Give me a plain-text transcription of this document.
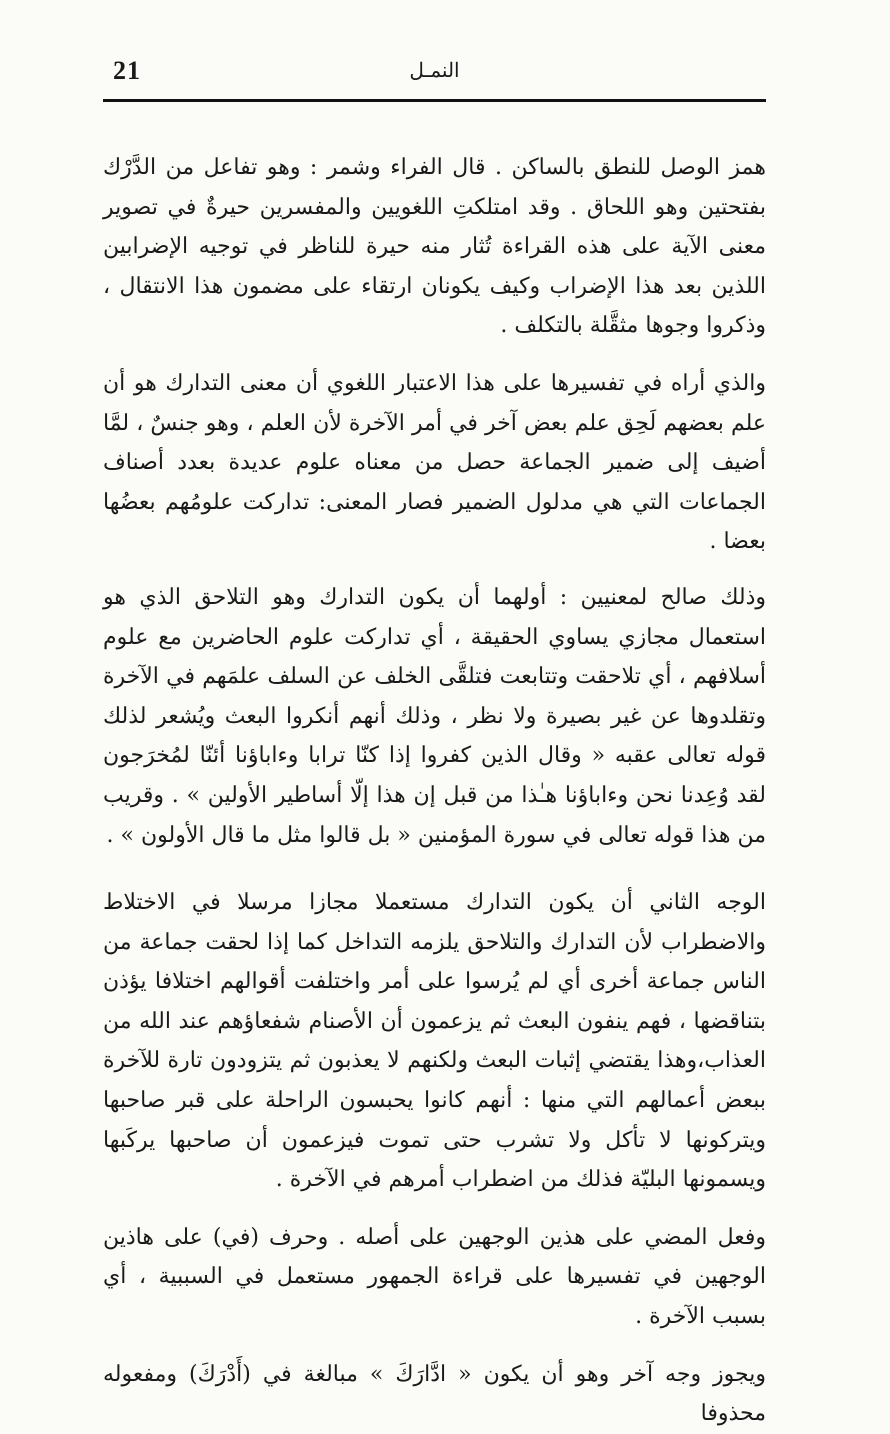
21	النمـل

همز الوصل للنطق بالساكن . قال الفراء وشمر : وهو تفاعل من الدَّرْك بفتحتين وهو اللحاق . وقد امتلكتِ اللغويين والمفسرين حيرةٌ في تصوير معنى الآية على هذه القراءة تُثار منه حيرة للناظر في توجيه الإضرابين اللذين بعد هذا الإضراب وكيف يكونان ارتقاء على مضمون هذا الانتقال ، وذكروا وجوها مثقَّلة بالتكلف .

والذي أراه في تفسيرها على هذا الاعتبار اللغوي أن معنى التدارك هو أن علم بعضهم لَحِق علم بعض آخر في أمر الآخرة لأن العلم ، وهو جنسٌ ، لمَّا أضيف إلى ضمير الجماعة حصل من معناه علوم عديدة بعدد أصناف الجماعات التي هي مدلول الضمير فصار المعنى: تداركت علومُهم بعضُها بعضا .

وذلك صالح لمعنيين : أولهما أن يكون التدارك وهو التلاحق الذي هو استعمال مجازي يساوي الحقيقة ، أي تداركت علوم الحاضرين مع علوم أسلافهم ، أي تلاحقت وتتابعت فتلقَّى الخلف عن السلف علمَهم في الآخرة وتقلدوها عن غير بصيرة ولا نظر ، وذلك أنهم أنكروا البعث ويُشعر لذلك قوله تعالى عقبه « وقال الذين كفروا إذا كنّا ترابا وءاباؤنا أئنّا لمُخرَجون لقد وُعِدنا نحن وءاباؤنا هـٰذا من قبل إن هذا إلّا أساطير الأولين » . وقريب من هذا قوله تعالى في سورة المؤمنين « بل قالوا مثل ما قال الأولون » .

الوجه الثاني أن يكون التدارك مستعملا مجازا مرسلا في الاختلاط والاضطراب لأن التدارك والتلاحق يلزمه التداخل كما إذا لحقت جماعة من الناس جماعة أخرى أي لم يُرسوا على أمر واختلفت أقوالهم اختلافا يؤذن بتناقضها ، فهم ينفون البعث ثم يزعمون أن الأصنام شفعاؤهم عند الله من العذاب،وهذا يقتضي إثبات البعث ولكنهم لا يعذبون ثم يتزودون تارة للآخرة ببعض أعمالهم التي منها : أنهم كانوا يحبسون الراحلة على قبر صاحبها ويتركونها لا تأكل ولا تشرب حتى تموت فيزعمون أن صاحبها يركَبها ويسمونها البليّة فذلك من اضطراب أمرهم في الآخرة .

وفعل المضي على هذين الوجهين على أصله . وحرف (في) على هاذين الوجهين في تفسيرها على قراءة الجمهور مستعمل في السببية ، أي بسبب الآخرة .

ويجوز وجه آخر وهو أن يكون « ادَّارَكَ » مبالغة في (أَدْرَكَ) ومفعوله محذوفا
